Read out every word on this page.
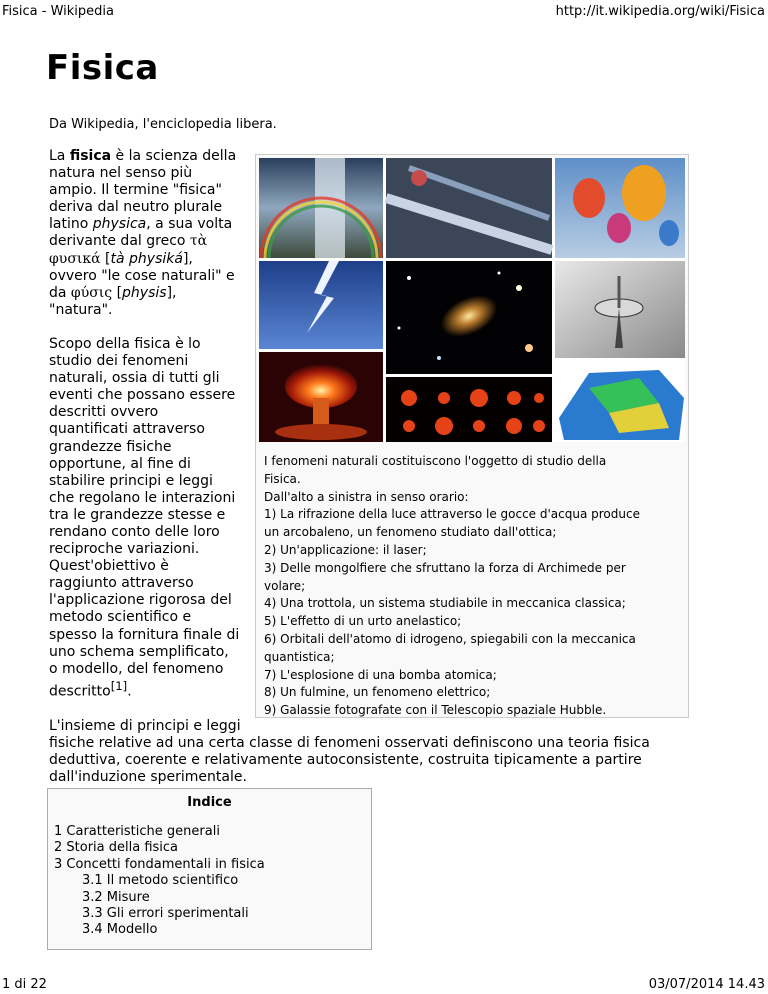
Fisica - Wikipedia	http://it.wikipedia.org/wiki/Fisica
Fisica
Da Wikipedia, l'enciclopedia libera.
I fenomeni naturali costituiscono l'oggetto di studio della
Fisica.
Dall'alto a sinistra in senso orario:
1) La rifrazione della luce attraverso le gocce d'acqua produce
un arcobaleno, un fenomeno studiato dall'ottica;
2) Un'applicazione: il laser;
3) Delle mongolfiere che sfruttano la forza di Archimede per
volare;
4) Una trottola, un sistema studiabile in meccanica classica;
5) L'effetto di un urto anelastico;
6) Orbitali dell'atomo di idrogeno, spiegabili con la meccanica
quantistica;
7) L'esplosione di una bomba atomica;
8) Un fulmine, un fenomeno elettrico;
9) Galassie fotografate con il Telescopio spaziale Hubble.

La fisica è la scienza della natura nel senso più ampio. Il termine "fisica" deriva dal neutro plurale latino physica, a sua volta derivante dal greco τὰ φυσικά [tà physiká], ovvero "le cose naturali" e da φύσις [physis], "natura".

Scopo della fisica è lo studio dei fenomeni naturali, ossia di tutti gli eventi che possano essere descritti ovvero quantificati attraverso grandezze fisiche opportune, al fine di stabilire principi e leggi che regolano le interazioni tra le grandezze stesse e rendano conto delle loro reciproche variazioni. Quest'obiettivo è raggiunto attraverso l'applicazione rigorosa del metodo scientifico e spesso la fornitura finale di uno schema semplificato, o modello, del fenomeno descritto[1].

L'insieme di principi e leggi fisiche relative ad una certa classe di fenomeni osservati definiscono una teoria fisica deduttiva, coerente e relativamente autoconsistente, costruita tipicamente a partire dall'induzione sperimentale.

Indice
1 Caratteristiche generali
2 Storia della fisica
3 Concetti fondamentali in fisica
3.1 Il metodo scientifico
3.2 Misure
3.3 Gli errori sperimentali
3.4 Modello
1 di 22	03/07/2014 14.43
